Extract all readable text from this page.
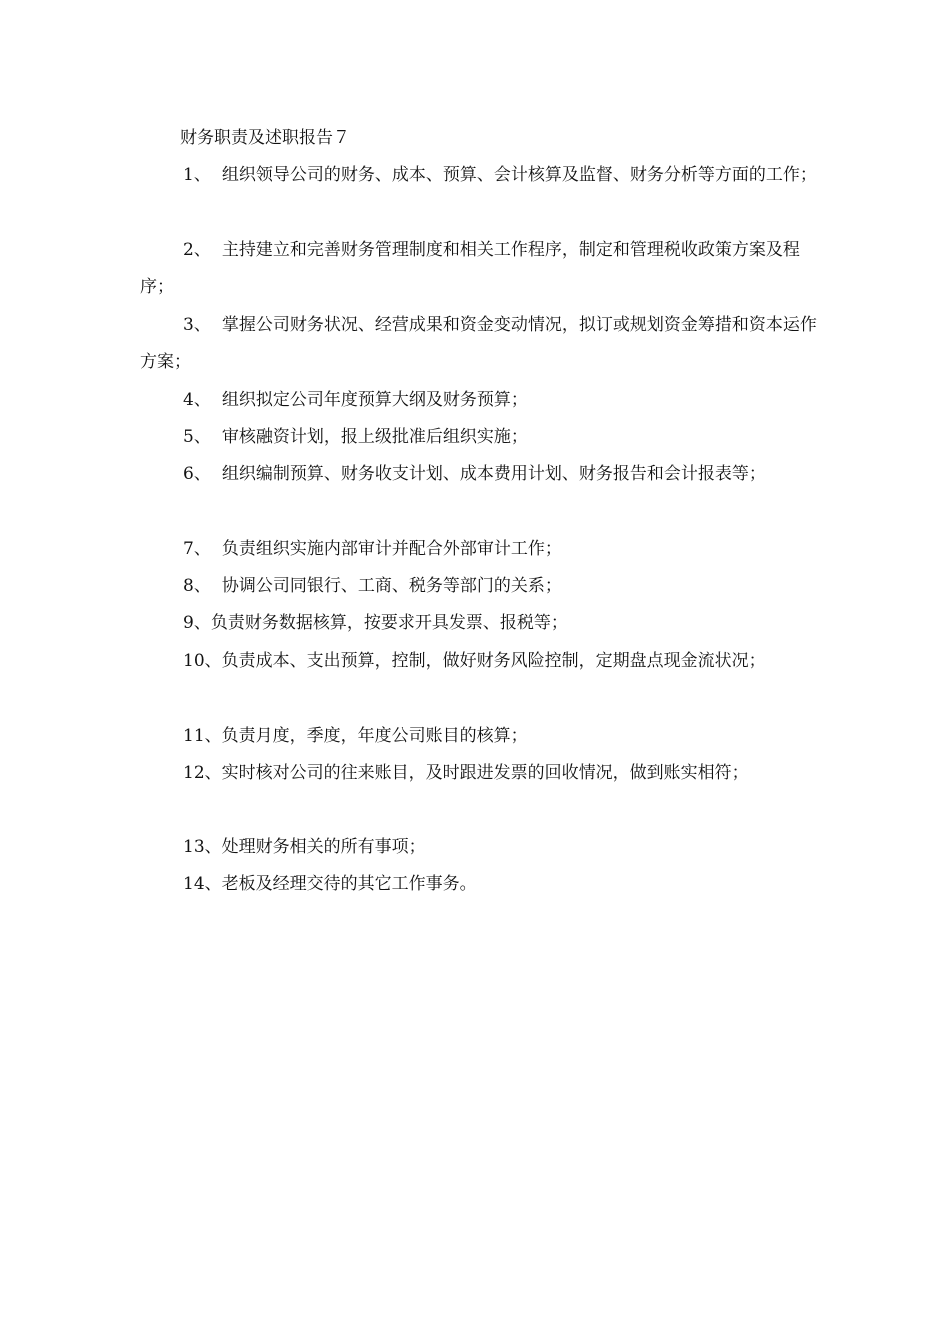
财务职责及述职报告７
1、 组织领导公司的财务、成本、预算、会计核算及监督、财务分析等方面的工作；
2、 主持建立和完善财务管理制度和相关工作程序，制定和管理税收政策方案及程序；
3、 掌握公司财务状况、经营成果和资金变动情况，拟订或规划资金筹措和资本运作方案；
4、 组织拟定公司年度预算大纲及财务预算；
5、 审核融资计划，报上级批准后组织实施；
6、 组织编制预算、财务收支计划、成本费用计划、财务报告和会计报表等；
7、 负责组织实施内部审计并配合外部审计工作；
8、 协调公司同银行、工商、税务等部门的关系；
9、负责财务数据核算，按要求开具发票、报税等；
10、负责成本、支出预算，控制，做好财务风险控制，定期盘点现金流状况；
11、负责月度，季度，年度公司账目的核算；
12、实时核对公司的往来账目，及时跟进发票的回收情况，做到账实相符；
13、处理财务相关的所有事项；
14、老板及经理交待的其它工作事务。
